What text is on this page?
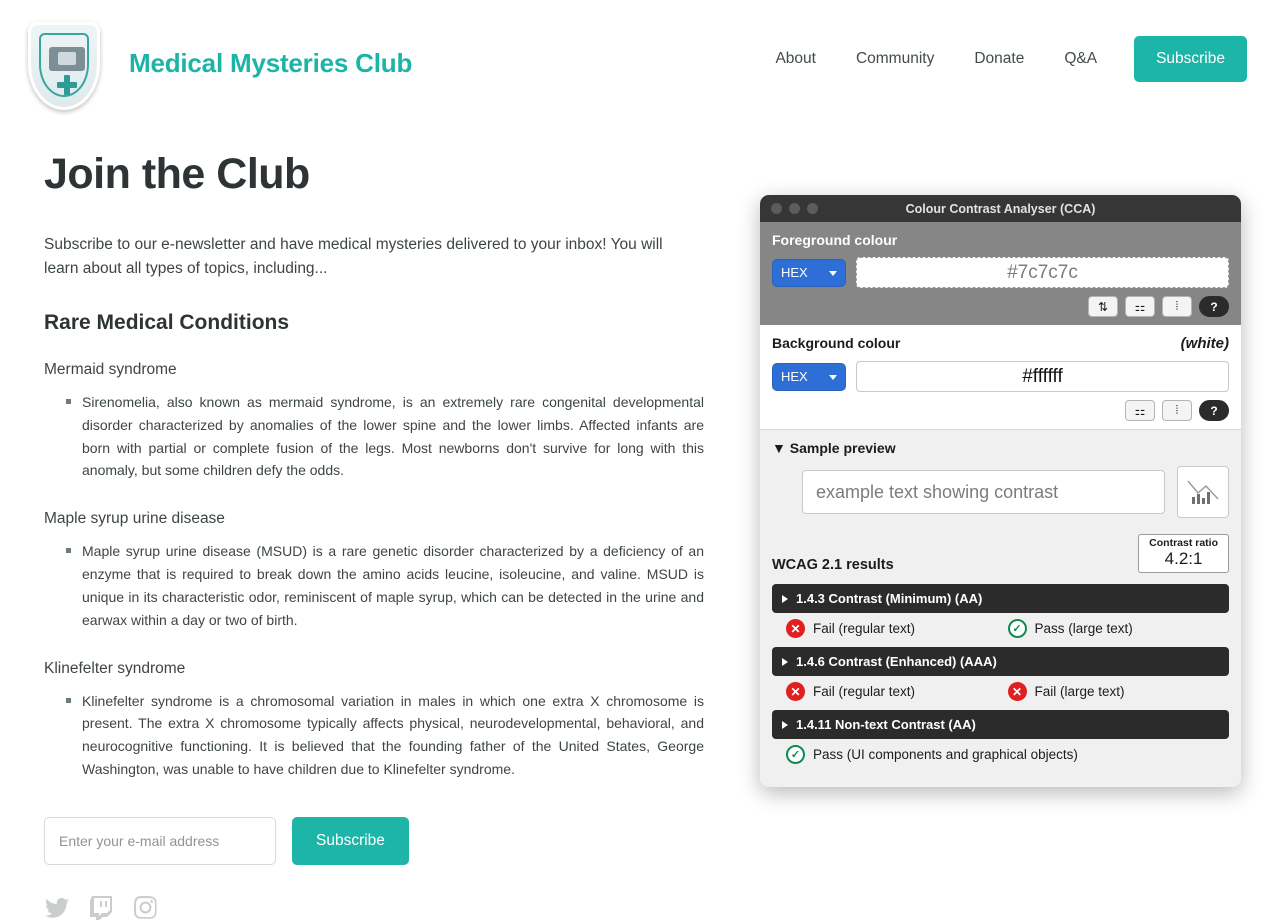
Medical Mysteries Club	About	Community	Donate	Q&A	Subscribe
Join the Club

Subscribe to our e-newsletter and have medical mysteries delivered to your inbox! You will learn about all types of topics, including...

Rare Medical Conditions
Mermaid syndrome
Sirenomelia, also known as mermaid syndrome, is an extremely rare congenital developmental disorder characterized by anomalies of the lower spine and the lower limbs. Affected infants are born with partial or complete fusion of the legs. Most newborns don't survive for long with this anomaly, but some children defy the odds.
Maple syrup urine disease
Maple syrup urine disease (MSUD) is a rare genetic disorder characterized by a deficiency of an enzyme that is required to break down the amino acids leucine, isoleucine, and valine. MSUD is unique in its characteristic odor, reminiscent of maple syrup, which can be detected in the urine and earwax within a day or two of birth.
Klinefelter syndrome
Klinefelter syndrome is a chromosomal variation in males in which one extra X chromosome is present. The extra X chromosome typically affects physical, neurodevelopmental, behavioral, and neurocognitive functioning. It is believed that the founding father of the United States, George Washington, was unable to have children due to Klinefelter syndrome.
Enter your e-mail address
Subscribe
Colour Contrast Analyser (CCA)
Foreground colour
HEX
#7c7c7c
⇅	⚏	⦙	?
Background colour	(white)
HEX
#ffffff
⚏	⦙	?
▼ Sample preview
example text showing contrast
WCAG 2.1 results
Contrast ratio
4.2:1
1.4.3 Contrast (Minimum) (AA)
✕ Fail (regular text)	✓ Pass (large text)
1.4.6 Contrast (Enhanced) (AAA)
✕ Fail (regular text)	✕ Fail (large text)
1.4.11 Non-text Contrast (AA)
✓ Pass (UI components and graphical objects)
